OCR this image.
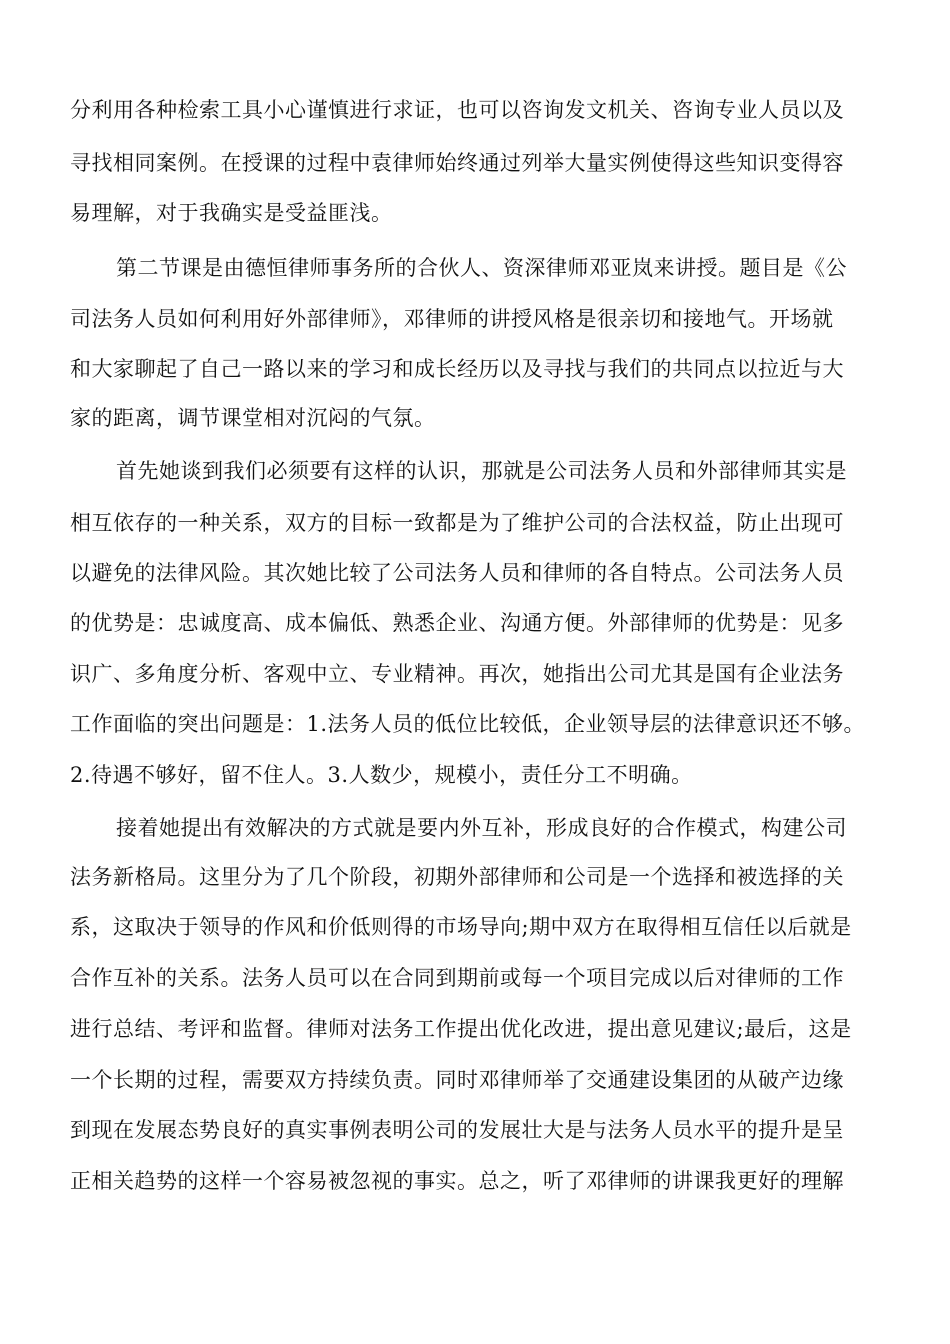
分利用各种检索工具小心谨慎进行求证，也可以咨询发文机关、咨询专业人员以及

寻找相同案例。在授课的过程中袁律师始终通过列举大量实例使得这些知识变得容

易理解，对于我确实是受益匪浅。

第二节课是由德恒律师事务所的合伙人、资深律师邓亚岚来讲授。题目是《公

司法务人员如何利用好外部律师》，邓律师的讲授风格是很亲切和接地气。开场就

和大家聊起了自己一路以来的学习和成长经历以及寻找与我们的共同点以拉近与大

家的距离，调节课堂相对沉闷的气氛。

首先她谈到我们必须要有这样的认识，那就是公司法务人员和外部律师其实是

相互依存的一种关系，双方的目标一致都是为了维护公司的合法权益，防止出现可

以避免的法律风险。其次她比较了公司法务人员和律师的各自特点。公司法务人员

的优势是：忠诚度高、成本偏低、熟悉企业、沟通方便。外部律师的优势是：见多

识广、多角度分析、客观中立、专业精神。再次，她指出公司尤其是国有企业法务

工作面临的突出问题是：1.法务人员的低位比较低，企业领导层的法律意识还不够。

2.待遇不够好，留不住人。3.人数少，规模小，责任分工不明确。

接着她提出有效解决的方式就是要内外互补，形成良好的合作模式，构建公司

法务新格局。这里分为了几个阶段，初期外部律师和公司是一个选择和被选择的关

系，这取决于领导的作风和价低则得的市场导向;期中双方在取得相互信任以后就是

合作互补的关系。法务人员可以在合同到期前或每一个项目完成以后对律师的工作

进行总结、考评和监督。律师对法务工作提出优化改进，提出意见建议;最后，这是

一个长期的过程，需要双方持续负责。同时邓律师举了交通建设集团的从破产边缘

到现在发展态势良好的真实事例表明公司的发展壮大是与法务人员水平的提升是呈

正相关趋势的这样一个容易被忽视的事实。总之，听了邓律师的讲课我更好的理解
